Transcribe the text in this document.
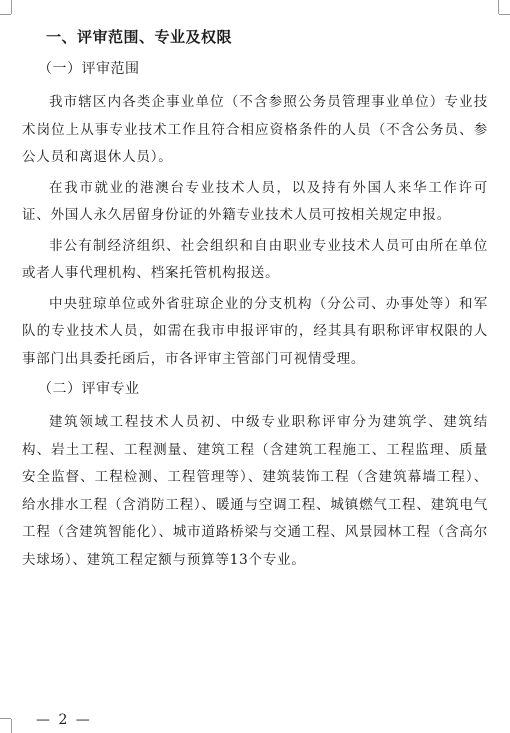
一、评审范围、专业及权限
（一）评审范围

我市辖区内各类企事业单位（不含参照公务员管理事业单位）专业技术岗位上从事专业技术工作且符合相应资格条件的人员（不含公务员、参公人员和离退休人员）。

在我市就业的港澳台专业技术人员，以及持有外国人来华工作许可证、外国人永久居留身份证的外籍专业技术人员可按相关规定申报。

非公有制经济组织、社会组织和自由职业专业技术人员可由所在单位或者人事代理机构、档案托管机构报送。

中央驻琼单位或外省驻琼企业的分支机构（分公司、办事处等）和军队的专业技术人员，如需在我市申报评审的，经其具有职称评审权限的人事部门出具委托函后，市各评审主管部门可视情受理。

（二）评审专业

建筑领域工程技术人员初、中级专业职称评审分为建筑学、建筑结构、岩土工程、工程测量、建筑工程（含建筑工程施工、工程监理、质量安全监督、工程检测、工程管理等）、建筑装饰工程（含建筑幕墙工程）、给水排水工程（含消防工程）、暖通与空调工程、城镇燃气工程、建筑电气工程（含建筑智能化）、城市道路桥梁与交通工程、风景园林工程（含高尔夫球场）、建筑工程定额与预算等13个专业。

— 2 —
